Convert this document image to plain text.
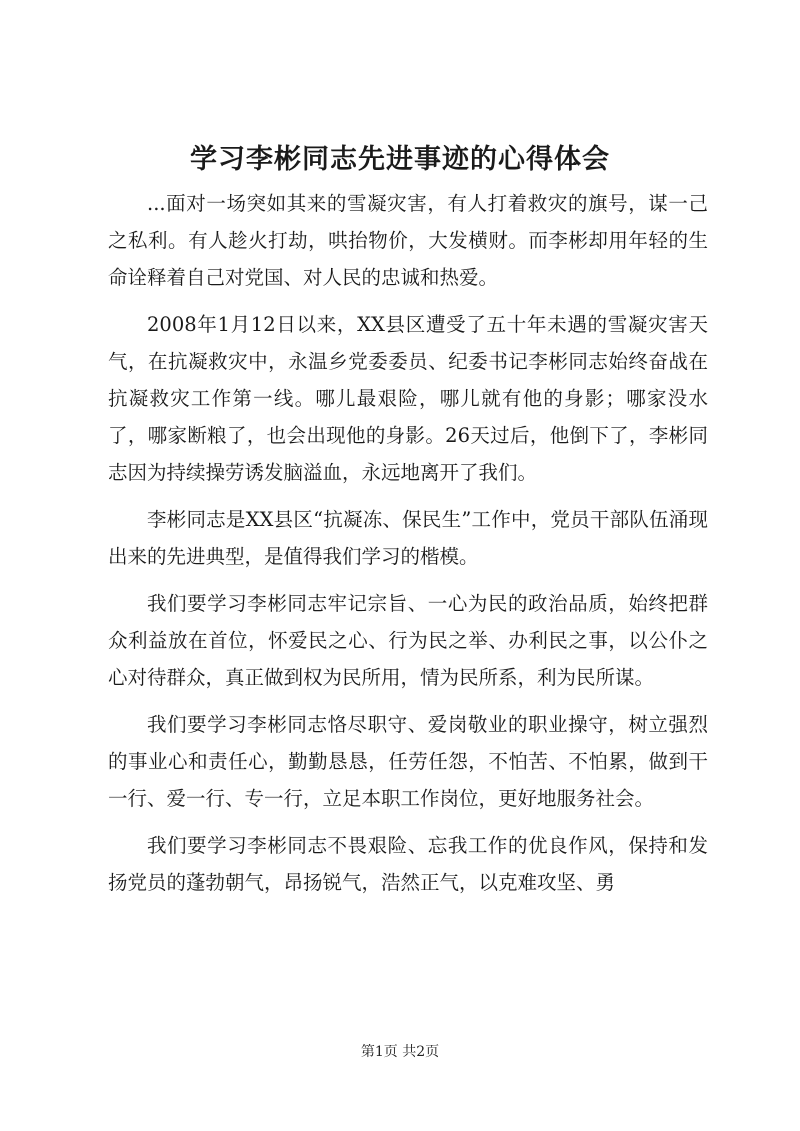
学习李彬同志先进事迹的心得体会

...面对一场突如其来的雪凝灾害，有人打着救灾的旗号，谋一己之私利。有人趁火打劫，哄抬物价，大发横财。而李彬却用年轻的生命诠释着自己对党国、对人民的忠诚和热爱。

2008年1月12日以来，XX县区遭受了五十年未遇的雪凝灾害天气，在抗凝救灾中，永温乡党委委员、纪委书记李彬同志始终奋战在抗凝救灾工作第一线。哪儿最艰险，哪儿就有他的身影；哪家没水了，哪家断粮了，也会出现他的身影。26天过后，他倒下了，李彬同志因为持续操劳诱发脑溢血，永远地离开了我们。

李彬同志是XX县区“抗凝冻、保民生”工作中，党员干部队伍涌现出来的先进典型，是值得我们学习的楷模。

我们要学习李彬同志牢记宗旨、一心为民的政治品质，始终把群众利益放在首位，怀爱民之心、行为民之举、办利民之事，以公仆之心对待群众，真正做到权为民所用，情为民所系，利为民所谋。

我们要学习李彬同志恪尽职守、爱岗敬业的职业操守，树立强烈的事业心和责任心，勤勤恳恳，任劳任怨，不怕苦、不怕累，做到干一行、爱一行、专一行，立足本职工作岗位，更好地服务社会。

我们要学习李彬同志不畏艰险、忘我工作的优良作风，保持和发扬党员的蓬勃朝气，昂扬锐气，浩然正气，以克难攻坚、勇

第1页 共2页
